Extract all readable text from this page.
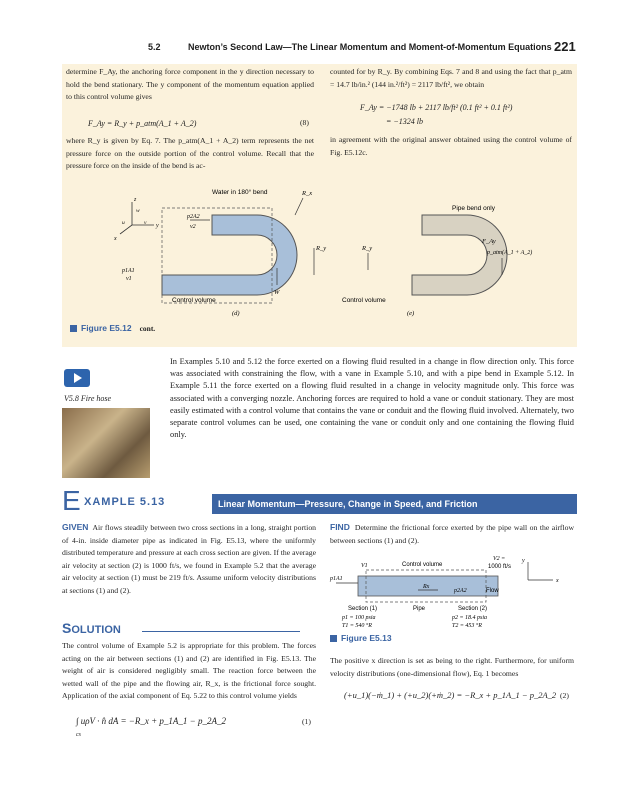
5.2	Newton’s Second Law—The Linear Momentum and Moment-of-Momentum Equations 221
determine F_Ay, the anchoring force component in the y direction necessary to hold the bend stationary. The y component of the momentum equation applied to this control volume gives
F_Ay = R_y + p_atm(A_1 + A_2)	(8)
where R_y is given by Eq. 7. The p_atm(A_1 + A_2) term represents the net pressure force on the outside portion of the control volume. Recall that the pressure force on the inside of the bend is ac-
counted for by R_y. By combining Eqs. 7 and 8 and using the fact that p_atm = 14.7 lb/in.² (144 in.²/ft²) = 2117 lb/ft², we obtain
F_Ay = −1748 lb + 2117 lb/ft² (0.1 ft² + 0.1 ft²)
= −1324 lb
in agreement with the original answer obtained using the control volume of Fig. E5.12c.
z
y
x
w
u	v
Water in 180° bend	R_x
p2A2
v2
p1A1
v1
R_y
W
Control volume
(d)
Pipe bend only
R_y
F_Ay
p_atm(A_1 + A_2)
Control volume
(e)
Figure E5.12 cont.
V5.8 Fire hose
In Examples 5.10 and 5.12 the force exerted on a flowing fluid resulted in a change in flow direction only. This force was associated with constraining the flow, with a vane in Example 5.10, and with a pipe bend in Example 5.12. In Example 5.11 the force exerted on a flowing fluid resulted in a change in velocity magnitude only. This force was associated with a converging nozzle. Anchoring forces are required to hold a vane or conduit stationary. They are most easily estimated with a control volume that contains the vane or conduit and the flowing fluid involved. Alternately, two separate control volumes can be used, one containing the vane or conduit only and one containing the flowing fluid only.
E XAMPLE 5.13	Linear Momentum—Pressure, Change in Speed, and Friction
GIVEN Air flows steadily between two cross sections in a long, straight portion of 4-in. inside diameter pipe as indicated in Fig. E5.13, where the uniformly distributed temperature and pressure at each cross section are given. If the average air velocity at section (2) is 1000 ft/s, we found in Example 5.2 that the average air velocity at section (1) must be 219 ft/s. Assume uniform velocity distributions at sections (1) and (2).
FIND Determine the frictional force exerted by the pipe wall on the airflow between sections (1) and (2).
V1	Control volume
V2 =
1000 ft/s
p1A1
Rx
p2A2	Flow
x
y
Section (1)	Pipe	Section (2)
p1 = 100 psia
T1 = 540 °R
p2 = 18.4 psia
T2 = 453 °R
Figure E5.13
SOLUTION
The control volume of Example 5.2 is appropriate for this problem. The forces acting on the air between sections (1) and (2) are identified in Fig. E5.13. The weight of air is considered negligibly small. The reaction force between the wetted wall of the pipe and the flowing air, R_x, is the frictional force sought. Application of the axial component of Eq. 5.22 to this control volume yields
∫ uρV · n̂ dA = −R_x + p_1A_1 − p_2A_2
cs
(1)
The positive x direction is set as being to the right. Furthermore, for uniform velocity distributions (one-dimensional flow), Eq. 1 becomes
(+u_1)(−ṁ_1) + (+u_2)(+ṁ_2) = −R_x + p_1A_1 − p_2A_2 (2)
